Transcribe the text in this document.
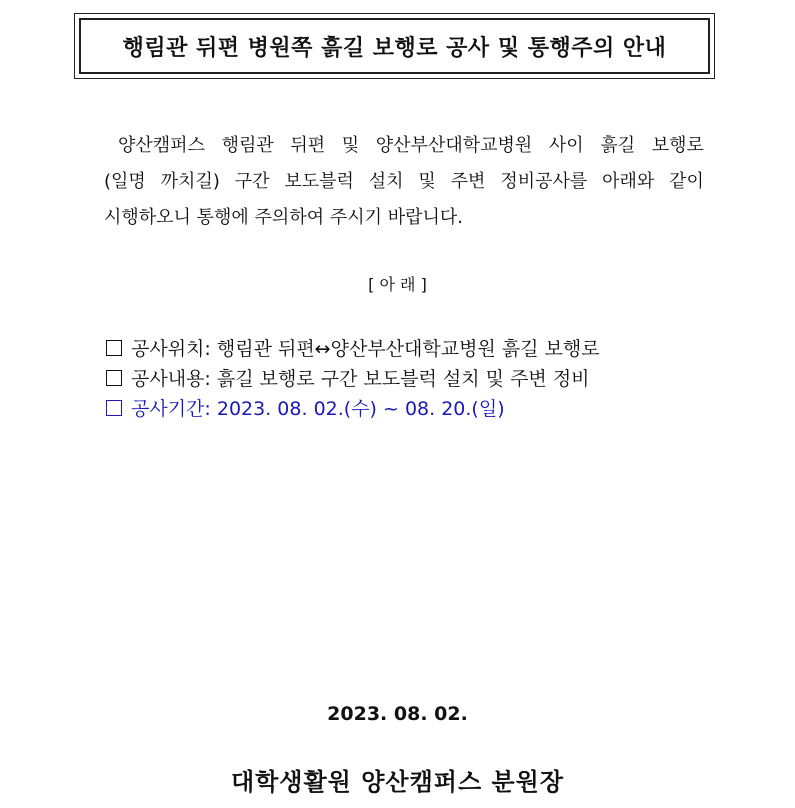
행림관 뒤편 병원쪽 흙길 보행로 공사 및 통행주의 안내
양산캠퍼스 행림관 뒤편 및 양산부산대학교병원 사이 흙길 보행로
(일명 까치길) 구간 보도블럭 설치 및 주변 정비공사를 아래와 같이
시행하오니 통행에 주의하여 주시기 바랍니다.
[ 아 래 ]
공사위치: 행림관 뒤편↔양산부산대학교병원 흙길 보행로
공사내용: 흙길 보행로 구간 보도블럭 설치 및 주변 정비
공사기간: 2023. 08. 02.(수) ~ 08. 20.(일)
2023. 08. 02.
대학생활원 양산캠퍼스 분원장
